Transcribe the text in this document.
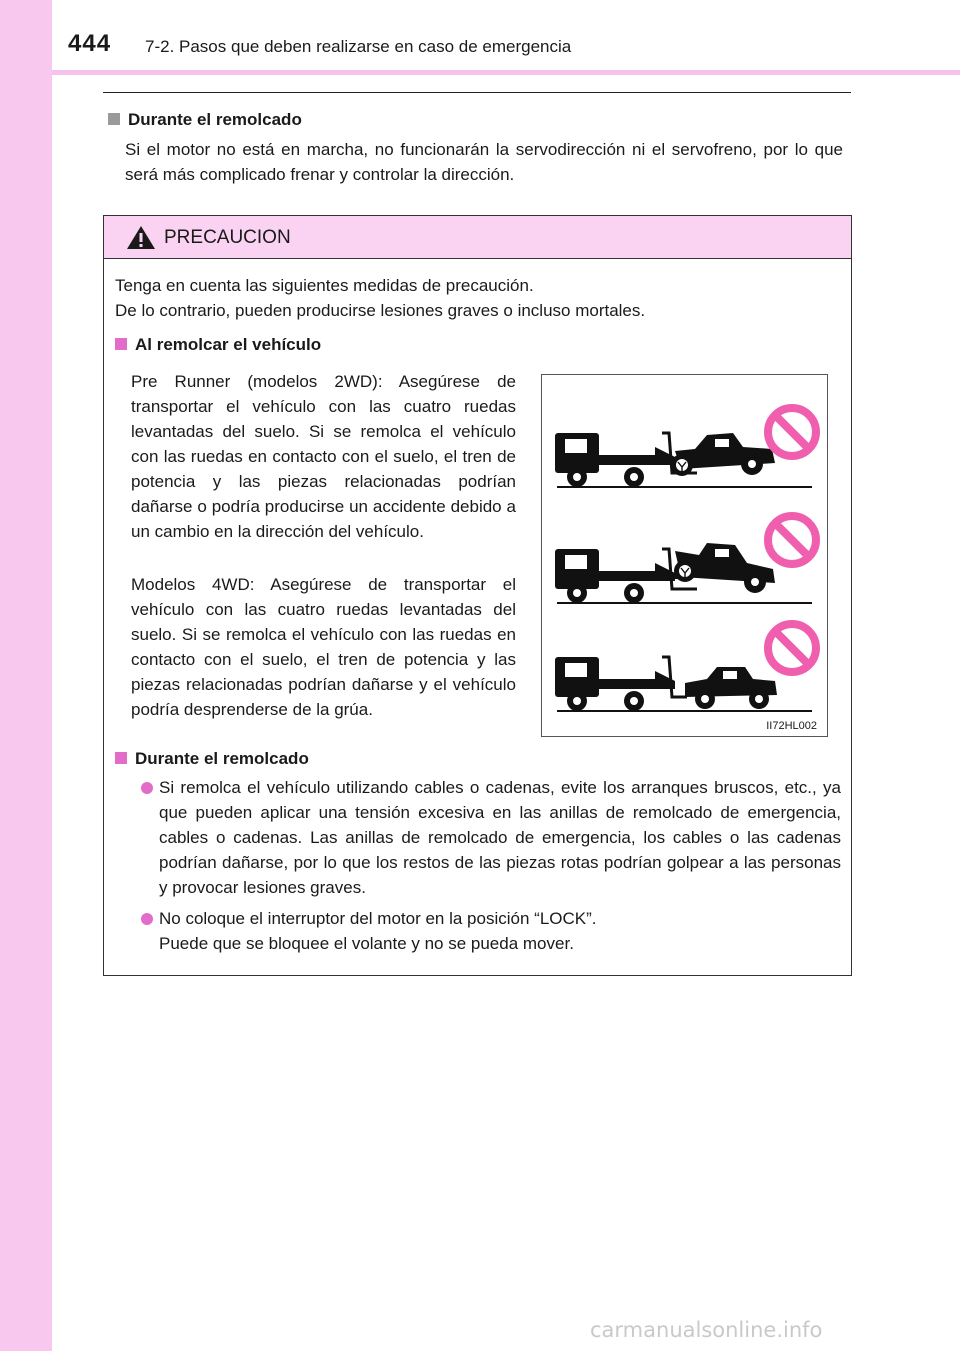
444 7-2. Pasos que deben realizarse en caso de emergencia
Durante el remolcado
Si el motor no está en marcha, no funcionarán la servodirección ni el servofreno, por lo que será más complicado frenar y controlar la dirección.
PRECAUCION
Tenga en cuenta las siguientes medidas de precaución.
De lo contrario, pueden producirse lesiones graves o incluso mortales.
Al remolcar el vehículo
Pre Runner (modelos 2WD): Asegúrese de transportar el vehículo con las cuatro ruedas levantadas del suelo. Si se remolca el vehículo con las ruedas en contacto con el suelo, el tren de potencia y las piezas relacionadas podrían dañarse o podría producirse un accidente debido a un cambio en la dirección del vehículo.
Modelos 4WD: Asegúrese de transportar el vehículo con las cuatro ruedas levantadas del suelo. Si se remolca el vehículo con las ruedas en contacto con el suelo, el tren de potencia y las piezas relacionadas podrían dañarse y el vehículo podría desprenderse de la grúa.
II72HL002
Durante el remolcado
Si remolca el vehículo utilizando cables o cadenas, evite los arranques bruscos, etc., ya que pueden aplicar una tensión excesiva en las anillas de remolcado de emergencia, cables o cadenas. Las anillas de remolcado de emergencia, los cables o las cadenas podrían dañarse, por lo que los restos de las piezas rotas podrían golpear a las personas y provocar lesiones graves.
No coloque el interruptor del motor en la posición “LOCK”.
Puede que se bloquee el volante y no se pueda mover.
carmanualsonline.info
